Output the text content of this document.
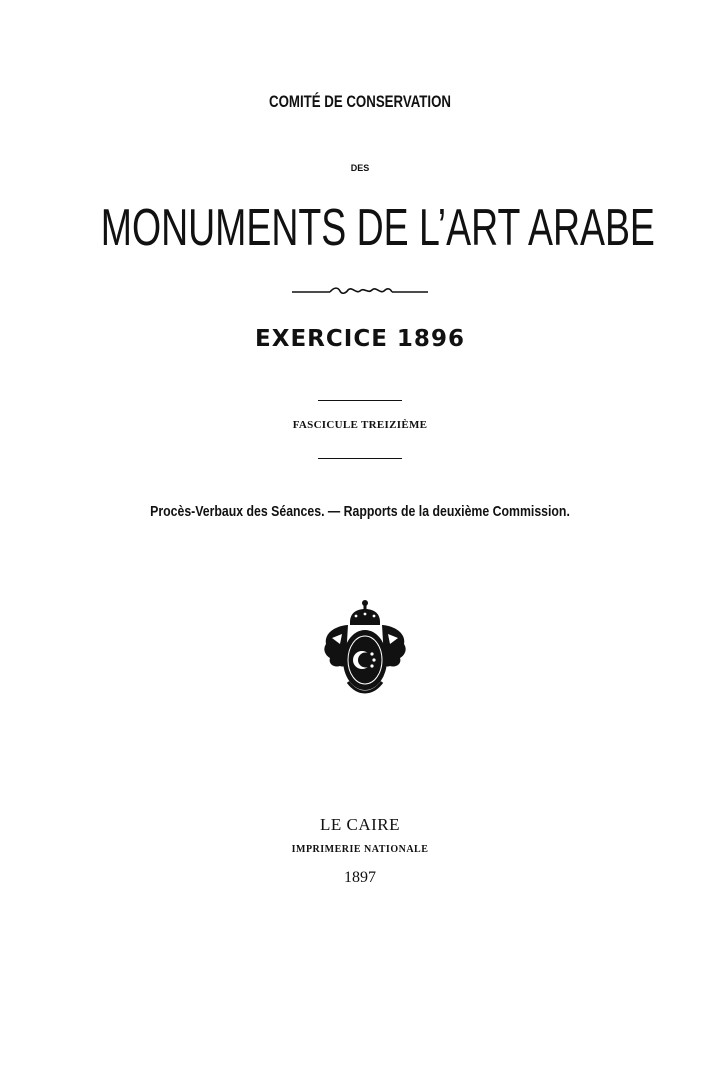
COMITÉ DE CONSERVATION
DES
MONUMENTS DE L’ART ARABE
EXERCICE 1896
FASCICULE TREIZIÈME
Procès-Verbaux des Séances. — Rapports de la deuxième Commission.
LE CAIRE
IMPRIMERIE NATIONALE
1897
